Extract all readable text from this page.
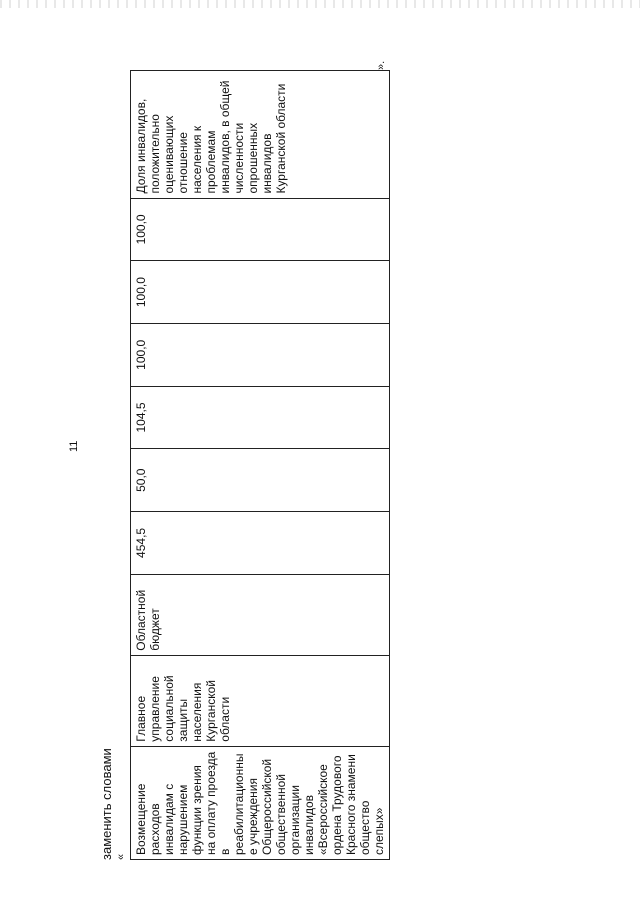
11
заменить словами «
Возмещение расходов инвалидам с нарушением функции зрения на оплату проезда в реабилитационные учреждения Общероссийской общественной организации инвалидов «Всероссийское ордена Трудового Красного знамени общество слепых»	Главное управление социальной защиты населения Курганской области	Областной бюджет	454,5	50,0	104,5	100,0	100,0	100,0	Доля инвалидов, положительно оценивающих отношение населения к проблемам инвалидов, в общей численности опрошенных инвалидов Курганской области
».
